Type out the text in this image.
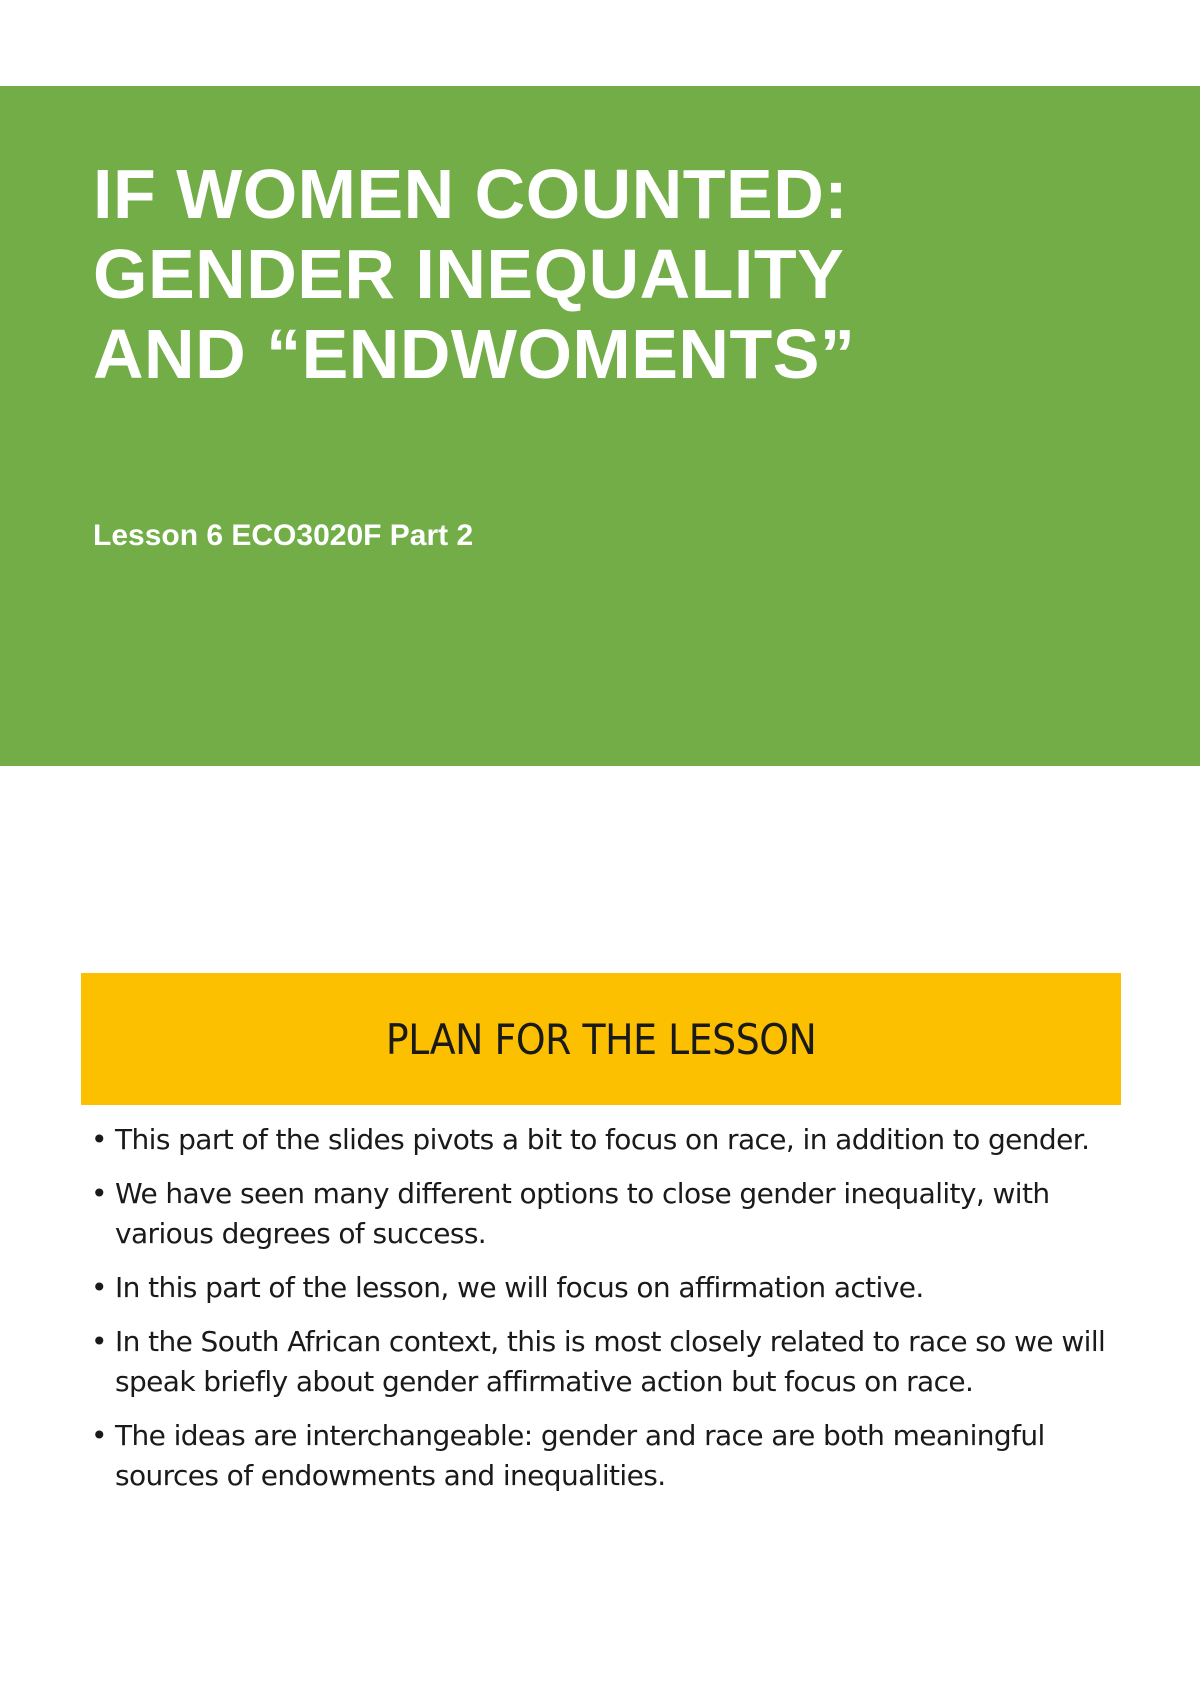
IF WOMEN COUNTED:
GENDER INEQUALITY
AND “ENDWOMENTS”

Lesson 6 ECO3020F Part 2

PLAN FOR THE LESSON
• This part of the slides pivots a bit to focus on race, in addition to gender.
• We have seen many different options to close gender inequality, with various degrees of success.
• In this part of the lesson, we will focus on affirmation active.
• In the South African context, this is most closely related to race so we will speak briefly about gender affirmative action but focus on race.
• The ideas are interchangeable: gender and race are both meaningful sources of endowments and inequalities.
